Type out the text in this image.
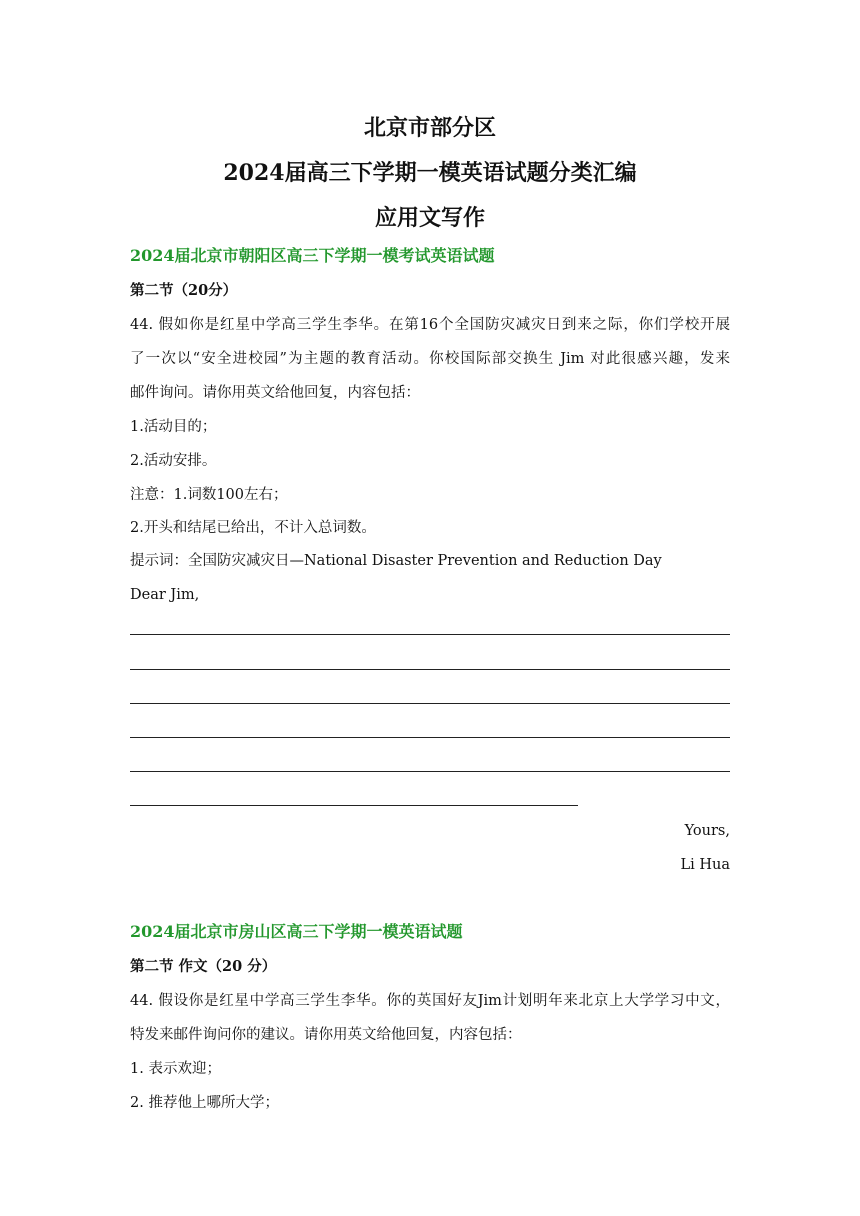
北京市部分区
2024届高三下学期一模英语试题分类汇编
应用文写作
2024届北京市朝阳区高三下学期一模考试英语试题
第二节（20分）
44. 假如你是红星中学高三学生李华。在第16个全国防灾减灾日到来之际，你们学校开展
了一次以“安全进校园”为主题的教育活动。你校国际部交换生 Jim 对此很感兴趣，发来
邮件询问。请你用英文给他回复，内容包括：
1.活动目的；
2.活动安排。
注意：1.词数100左右；
2.开头和结尾已给出，不计入总词数。
提示词：全国防灾减灾日—National Disaster Prevention and Reduction Day
Dear Jim,
Yours,
Li Hua
2024届北京市房山区高三下学期一模英语试题
第二节 作文（20 分）
44. 假设你是红星中学高三学生李华。你的英国好友Jim计划明年来北京上大学学习中文，
特发来邮件询问你的建议。请你用英文给他回复，内容包括：
1. 表示欢迎；
2. 推荐他上哪所大学；
